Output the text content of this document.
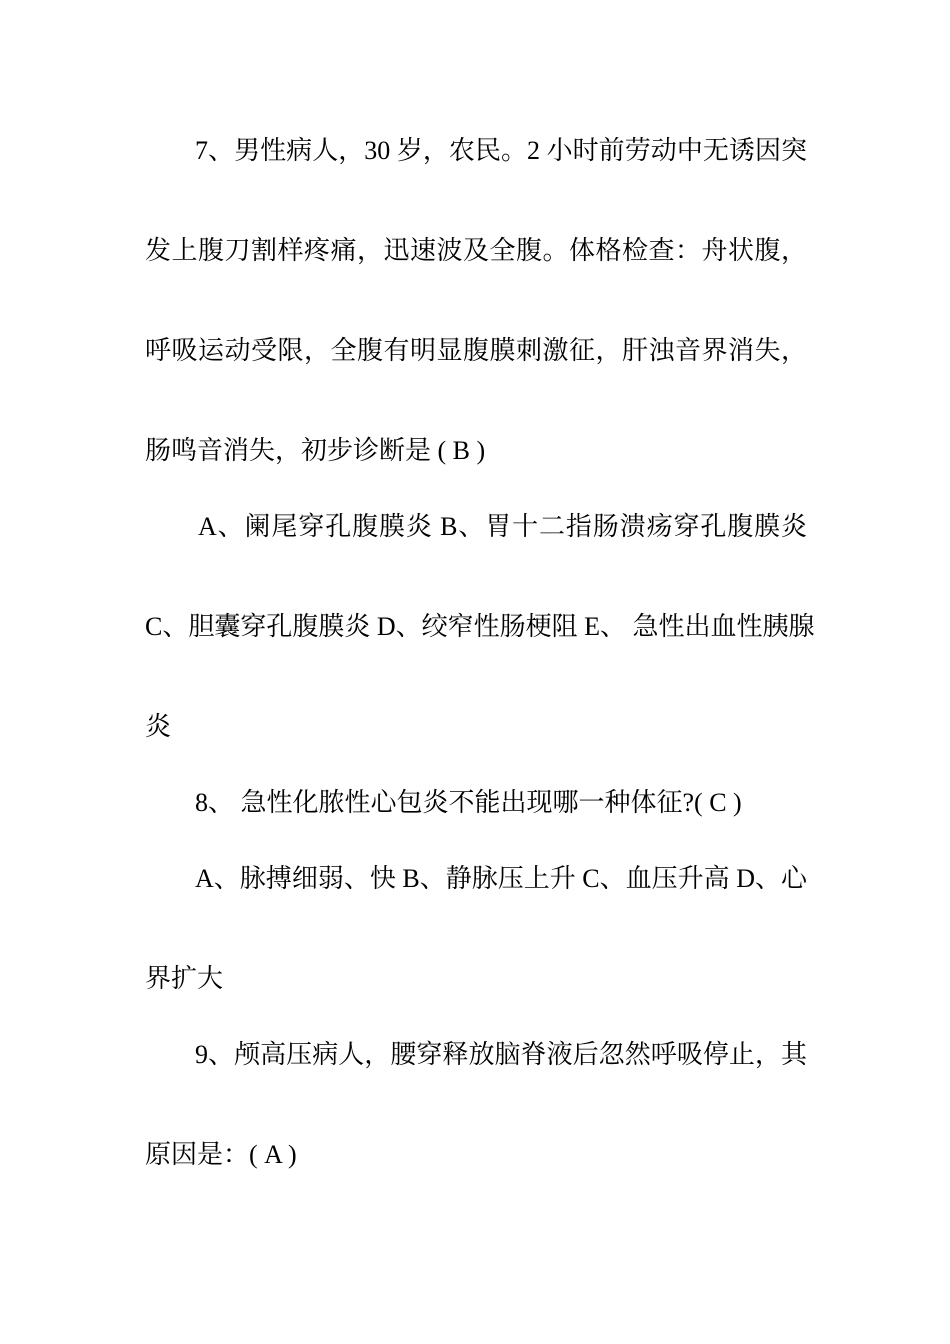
7、男性病人，30 岁，农民。2 小时前劳动中无诱因突
发上腹刀割样疼痛，迅速波及全腹。体格检查：舟状腹，
呼吸运动受限，全腹有明显腹膜刺激征，肝浊音界消失，
肠鸣音消失，初步诊断是 ( B )
A、阑尾穿孔腹膜炎 B、胃十二指肠溃疡穿孔腹膜炎
C、胆囊穿孔腹膜炎 D、绞窄性肠梗阻 E、 急性出血性胰腺
炎
8、 急性化脓性心包炎不能出现哪一种体征?( C )
A、脉搏细弱、快 B、静脉压上升 C、血压升高 D、心
界扩大
9、颅高压病人，腰穿释放脑脊液后忽然呼吸停止，其
原因是：( A )
